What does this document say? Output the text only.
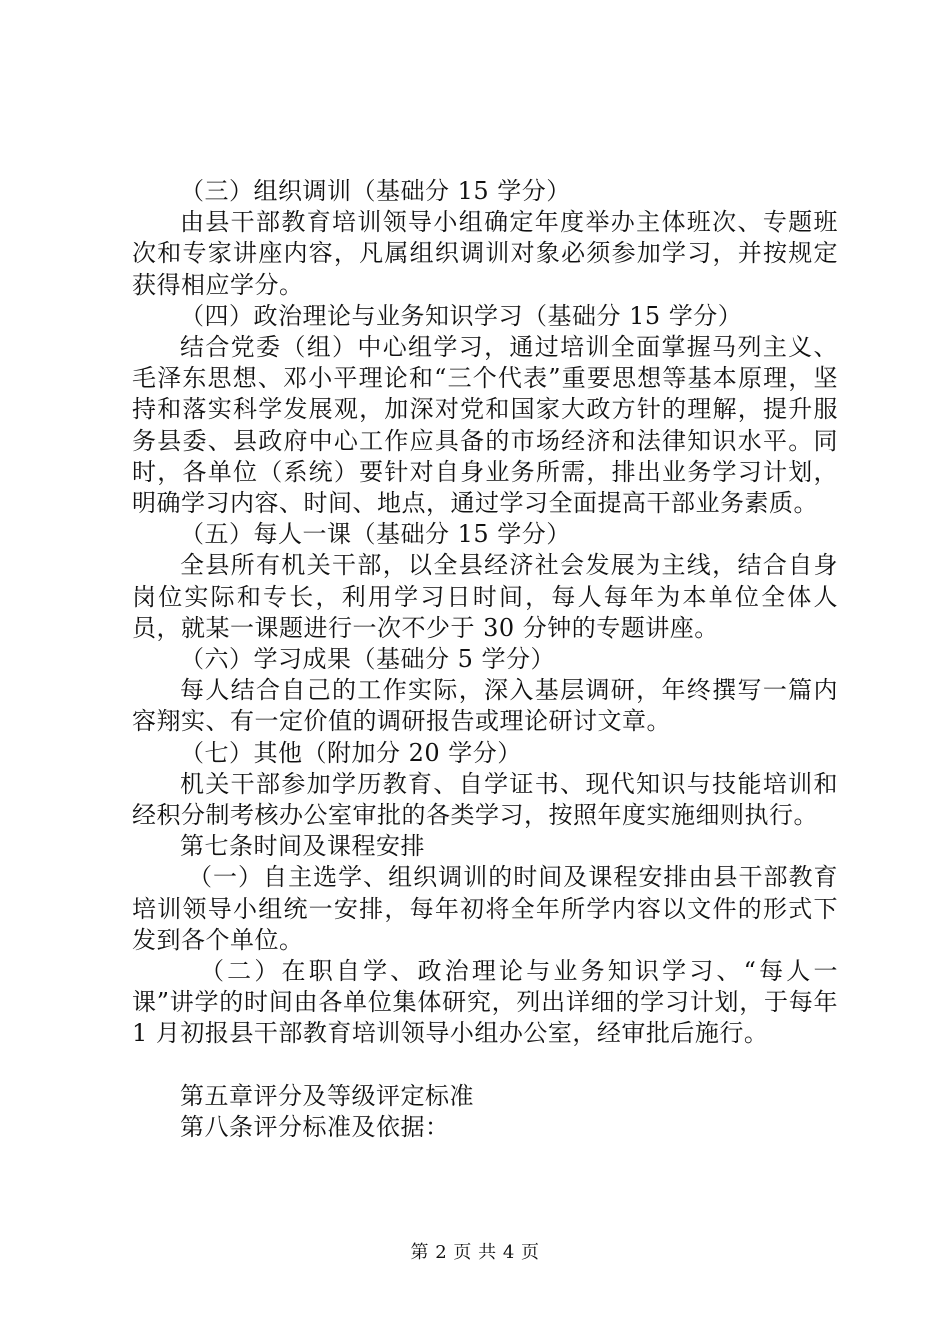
（三）组织调训（基础分 15 学分）

由县干部教育培训领导小组确定年度举办主体班次、专题班次和专家讲座内容，凡属组织调训对象必须参加学习，并按规定获得相应学分。

（四）政治理论与业务知识学习（基础分 15 学分）

结合党委（组）中心组学习，通过培训全面掌握马列主义、毛泽东思想、邓小平理论和“三个代表”重要思想等基本原理，坚持和落实科学发展观，加深对党和国家大政方针的理解，提升服务县委、县政府中心工作应具备的市场经济和法律知识水平。同时，各单位（系统）要针对自身业务所需，排出业务学习计划，明确学习内容、时间、地点，通过学习全面提高干部业务素质。

（五）每人一课（基础分 15 学分）

全县所有机关干部，以全县经济社会发展为主线，结合自身岗位实际和专长，利用学习日时间，每人每年为本单位全体人员，就某一课题进行一次不少于 30 分钟的专题讲座。

（六）学习成果（基础分 5 学分）

每人结合自己的工作实际，深入基层调研，年终撰写一篇内容翔实、有一定价值的调研报告或理论研讨文章。

（七）其他（附加分 20 学分）

机关干部参加学历教育、自学证书、现代知识与技能培训和经积分制考核办公室审批的各类学习，按照年度实施细则执行。

第七条时间及课程安排

（一）自主选学、组织调训的时间及课程安排由县干部教育培训领导小组统一安排，每年初将全年所学内容以文件的形式下发到各个单位。

（二）在职自学、政治理论与业务知识学习、“每人一课”讲学的时间由各单位集体研究，列出详细的学习计划，于每年 1 月初报县干部教育培训领导小组办公室，经审批后施行。

第五章评分及等级评定标准

第八条评分标准及依据：

第 2 页 共 4 页
